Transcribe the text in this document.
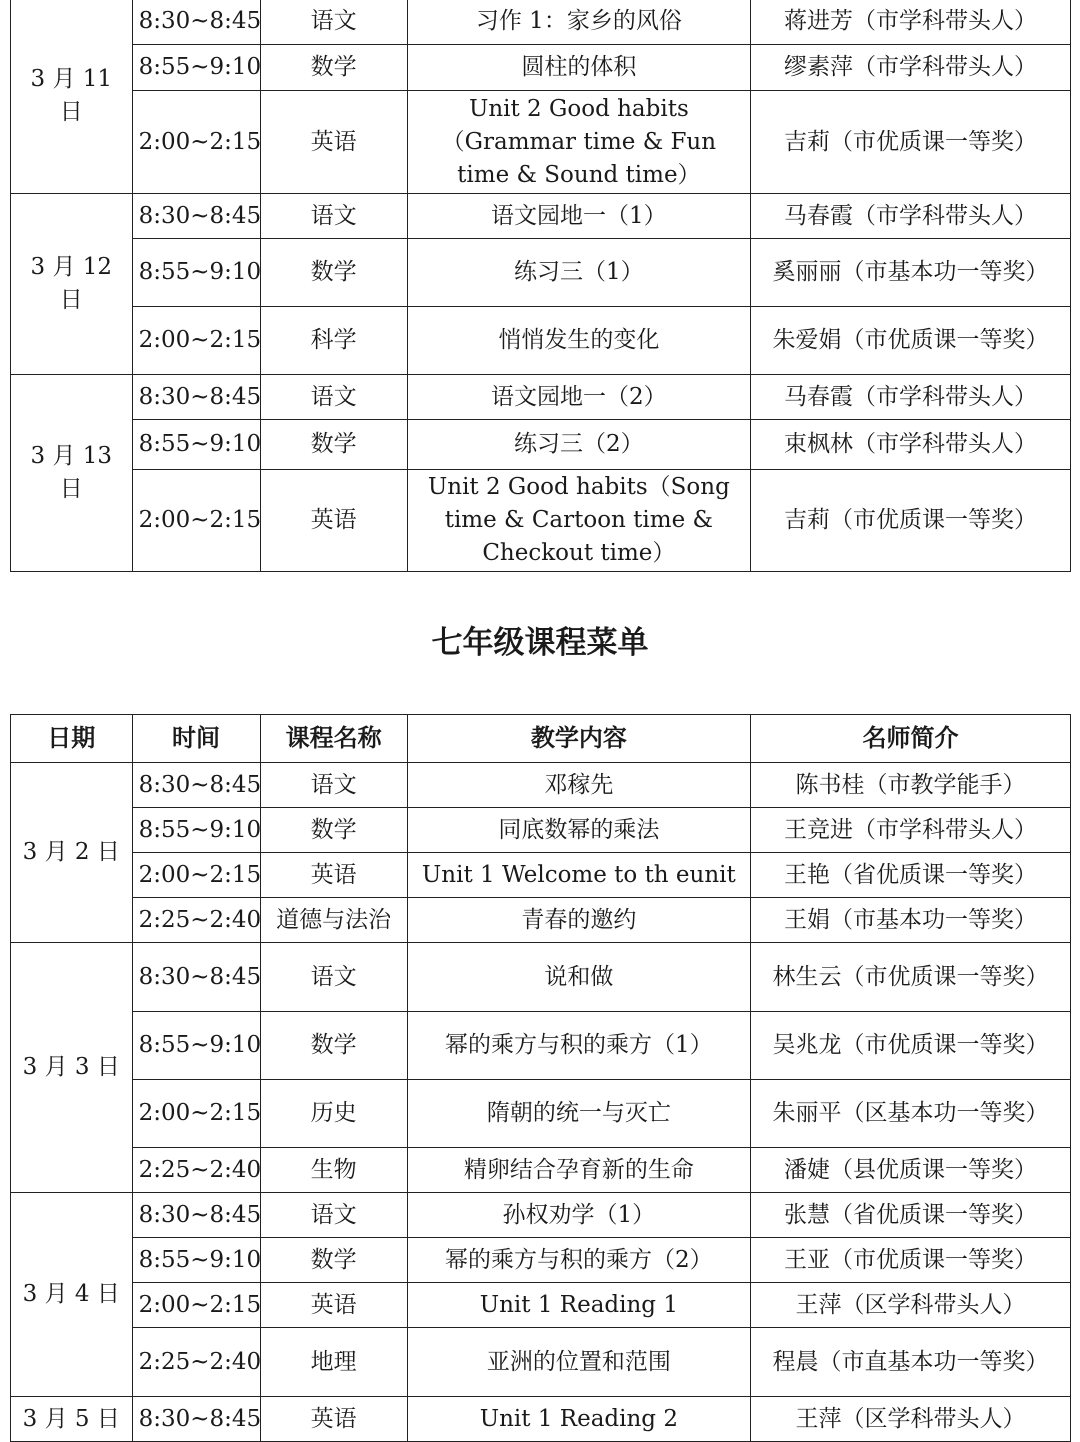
3 月 11 日	8:30~8:45	语文	习作 1：家乡的风俗	蒋进芳（市学科带头人）
	8:55~9:10	数学	圆柱的体积	缪素萍（市学科带头人）
	2:00~2:15	英语	Unit 2 Good habits（Grammar time & Fun time & Sound time）	吉莉（市优质课一等奖）
3 月 12 日	8:30~8:45	语文	语文园地一（1）	马春霞（市学科带头人）
	8:55~9:10	数学	练习三（1）	奚丽丽（市基本功一等奖）
	2:00~2:15	科学	悄悄发生的变化	朱爱娟（市优质课一等奖）
3 月 13 日	8:30~8:45	语文	语文园地一（2）	马春霞（市学科带头人）
	8:55~9:10	数学	练习三（2）	束枫林（市学科带头人）
	2:00~2:15	英语	Unit 2 Good habits（Song time & Cartoon time & Checkout time）	吉莉（市优质课一等奖）
七年级课程菜单
日期	时间	课程名称	教学内容	名师简介
3 月 2 日	8:30~8:45	语文	邓稼先	陈书桂（市教学能手）
	8:55~9:10	数学	同底数幂的乘法	王竞进（市学科带头人）
	2:00~2:15	英语	Unit 1 Welcome to th eunit	王艳（省优质课一等奖）
	2:25~2:40	道德与法治	青春的邀约	王娟（市基本功一等奖）
3 月 3 日	8:30~8:45	语文	说和做	林生云（市优质课一等奖）
	8:55~9:10	数学	幂的乘方与积的乘方（1）	吴兆龙（市优质课一等奖）
	2:00~2:15	历史	隋朝的统一与灭亡	朱丽平（区基本功一等奖）
	2:25~2:40	生物	精卵结合孕育新的生命	潘婕（县优质课一等奖）
3 月 4 日	8:30~8:45	语文	孙权劝学（1）	张慧（省优质课一等奖）
	8:55~9:10	数学	幂的乘方与积的乘方（2）	王亚（市优质课一等奖）
	2:00~2:15	英语	Unit 1 Reading 1	王萍（区学科带头人）
	2:25~2:40	地理	亚洲的位置和范围	程晨（市直基本功一等奖）
3 月 5 日	8:30~8:45	英语	Unit 1 Reading 2	王萍（区学科带头人）
